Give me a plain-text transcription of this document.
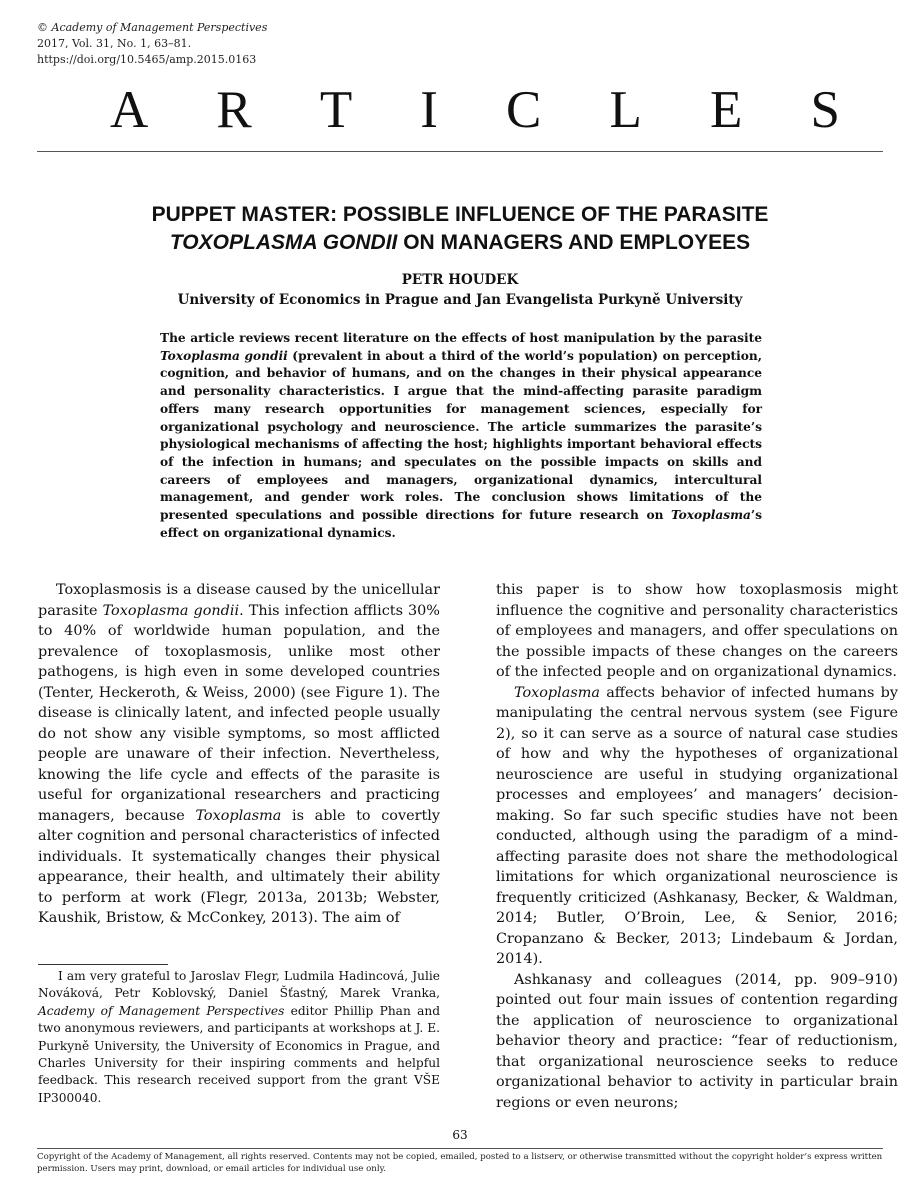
© Academy of Management Perspectives
2017, Vol. 31, No. 1, 63–81.
https://doi.org/10.5465/amp.2015.0163
A R T I C L E S
PUPPET MASTER: POSSIBLE INFLUENCE OF THE PARASITE
TOXOPLASMA GONDII ON MANAGERS AND EMPLOYEES
PETR HOUDEK
University of Economics in Prague and Jan Evangelista Purkyně University
The article reviews recent literature on the effects of host manipulation by the parasite Toxoplasma gondii (prevalent in about a third of the world’s population) on perception, cognition, and behavior of humans, and on the changes in their physical appearance and personality characteristics. I argue that the mind-affecting parasite paradigm offers many research opportunities for management sciences, especially for organizational psychology and neuroscience. The article summarizes the parasite’s physiological mechanisms of affecting the host; highlights important behavioral effects of the infection in humans; and speculates on the possible impacts on skills and careers of employees and managers, organizational dynamics, intercultural management, and gender work roles. The conclusion shows limitations of the presented speculations and possible directions for future research on Toxoplasma’s effect on organizational dynamics.

Toxoplasmosis is a disease caused by the unicellular parasite Toxoplasma gondii. This infection afflicts 30% to 40% of worldwide human population, and the prevalence of toxoplasmosis, unlike most other pathogens, is high even in some developed countries (Tenter, Heckeroth, & Weiss, 2000) (see Figure 1). The disease is clinically latent, and infected people usually do not show any visible symptoms, so most afflicted people are unaware of their infection. Nevertheless, knowing the life cycle and effects of the parasite is useful for organizational researchers and practicing managers, because Toxoplasma is able to covertly alter cognition and personal characteristics of infected individuals. It systematically changes their physical appearance, their health, and ultimately their ability to perform at work (Flegr, 2013a, 2013b; Webster, Kaushik, Bristow, & McConkey, 2013). The aim of

I am very grateful to Jaroslav Flegr, Ludmila Hadincová, Julie Nováková, Petr Koblovský, Daniel Šťastný, Marek Vranka, Academy of Management Perspectives editor Phillip Phan and two anonymous reviewers, and participants at workshops at J. E. Purkyně University, the University of Economics in Prague, and Charles University for their inspiring comments and helpful feedback. This research received support from the grant VŠE IP300040.

this paper is to show how toxoplasmosis might influence the cognitive and personality characteristics of employees and managers, and offer speculations on the possible impacts of these changes on the careers of the infected people and on organizational dynamics.

Toxoplasma affects behavior of infected humans by manipulating the central nervous system (see Figure 2), so it can serve as a source of natural case studies of how and why the hypotheses of organizational neuroscience are useful in studying organizational processes and employees’ and managers’ decision-making. So far such specific studies have not been conducted, although using the paradigm of a mind-affecting parasite does not share the methodological limitations for which organizational neuroscience is frequently criticized (Ashkanasy, Becker, & Waldman, 2014; Butler, O’Broin, Lee, & Senior, 2016; Cropanzano & Becker, 2013; Lindebaum & Jordan, 2014).

Ashkanasy and colleagues (2014, pp. 909–910) pointed out four main issues of contention regarding the application of neuroscience to organizational behavior theory and practice: “fear of reductionism, that organizational neuroscience seeks to reduce organizational behavior to activity in particular brain regions or even neurons;

63
Copyright of the Academy of Management, all rights reserved. Contents may not be copied, emailed, posted to a listserv, or otherwise transmitted without the copyright holder’s express written permission. Users may print, download, or email articles for individual use only.
